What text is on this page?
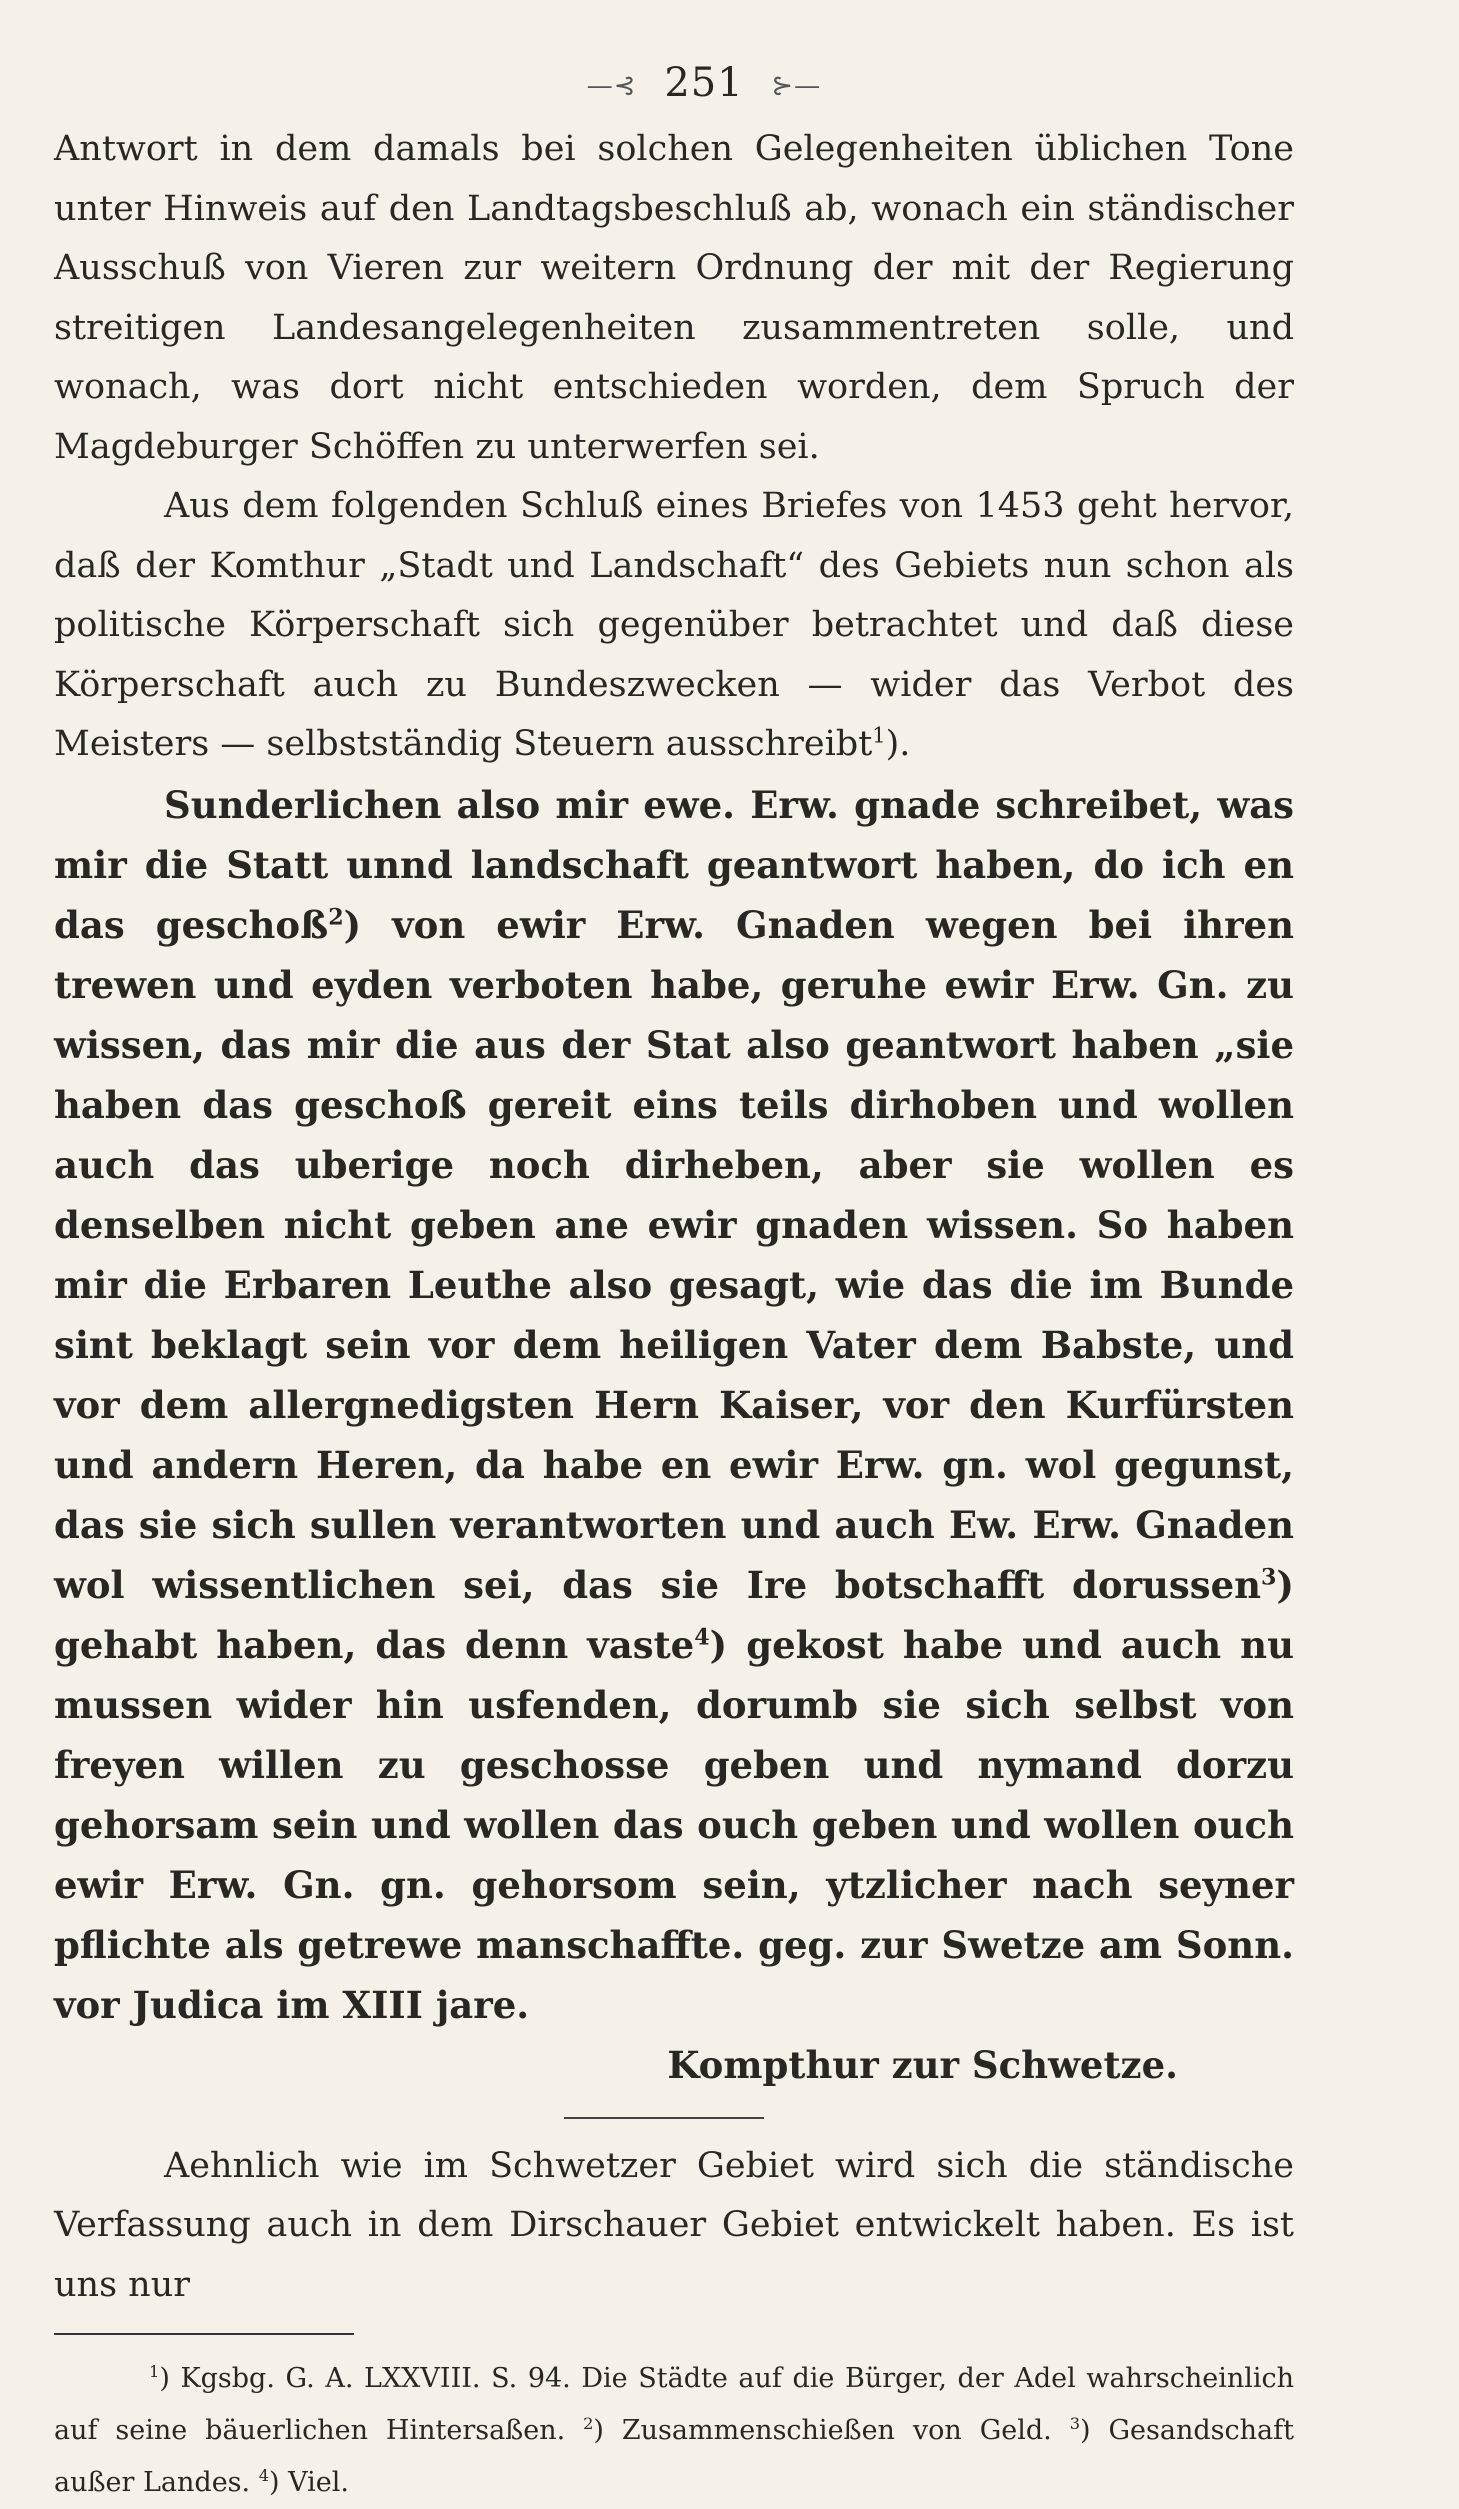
—⊰ 251 ⊱—

Antwort in dem damals bei solchen Gelegenheiten üblichen Tone unter Hinweis auf den Landtagsbeschluß ab, wonach ein ständischer Ausschuß von Vieren zur weitern Ordnung der mit der Regierung streitigen Landesangelegenheiten zusammentreten solle, und wonach, was dort nicht entschieden worden, dem Spruch der Magdeburger Schöffen zu unterwerfen sei.

Aus dem folgenden Schluß eines Briefes von 1453 geht hervor, daß der Komthur „Stadt und Landschaft“ des Gebiets nun schon als politische Körperschaft sich gegenüber betrachtet und daß diese Körperschaft auch zu Bundeszwecken — wider das Verbot des Meisters — selbstständig Steuern ausschreibt$^1$).

Sunderlichen also mir ewe. Erw. gnade schreibet, was mir die Statt unnd landschaft geantwort haben, do ich en das geschoß$^2$) von ewir Erw. Gnaden wegen bei ihren trewen und eyden verboten habe, geruhe ewir Erw. Gn. zu wissen, das mir die aus der Stat also geantwort haben „sie haben das geschoß gereit eins teils dirhoben und wollen auch das uberige noch dirheben, aber sie wollen es denselben nicht geben ane ewir gnaden wissen. So haben mir die Erbaren Leuthe also gesagt, wie das die im Bunde sint beklagt sein vor dem heiligen Vater dem Babste, und vor dem allergnedigsten Hern Kaiser, vor den Kurfürsten und andern Heren, da habe en ewir Erw. gn. wol gegunst, das sie sich sullen verantworten und auch Ew. Erw. Gnaden wol wissentlichen sei, das sie Ire botschafft dorussen$^3$) gehabt haben, das denn vaste$^4$) gekost habe und auch nu mussen wider hin usfenden, dorumb sie sich selbst von freyen willen zu geschosse geben und nymand dorzu gehorsam sein und wollen das ouch geben und wollen ouch ewir Erw. Gn. gn. gehorsom sein, ytzlicher nach seyner pflichte als getrewe manschaffte. geg. zur Swetze am Sonn. vor Judica im XIII jare.

Kompthur zur Schwetze.

Aehnlich wie im Schwetzer Gebiet wird sich die ständische Verfassung auch in dem Dirschauer Gebiet entwickelt haben. Es ist uns nur

$^1$) Kgsbg. G. A. LXXVIII. S. 94. Die Städte auf die Bürger, der Adel wahrscheinlich auf seine bäuerlichen Hintersaßen. $^2$) Zusammenschießen von Geld. $^3$) Gesandschaft außer Landes. $^4$) Viel.
